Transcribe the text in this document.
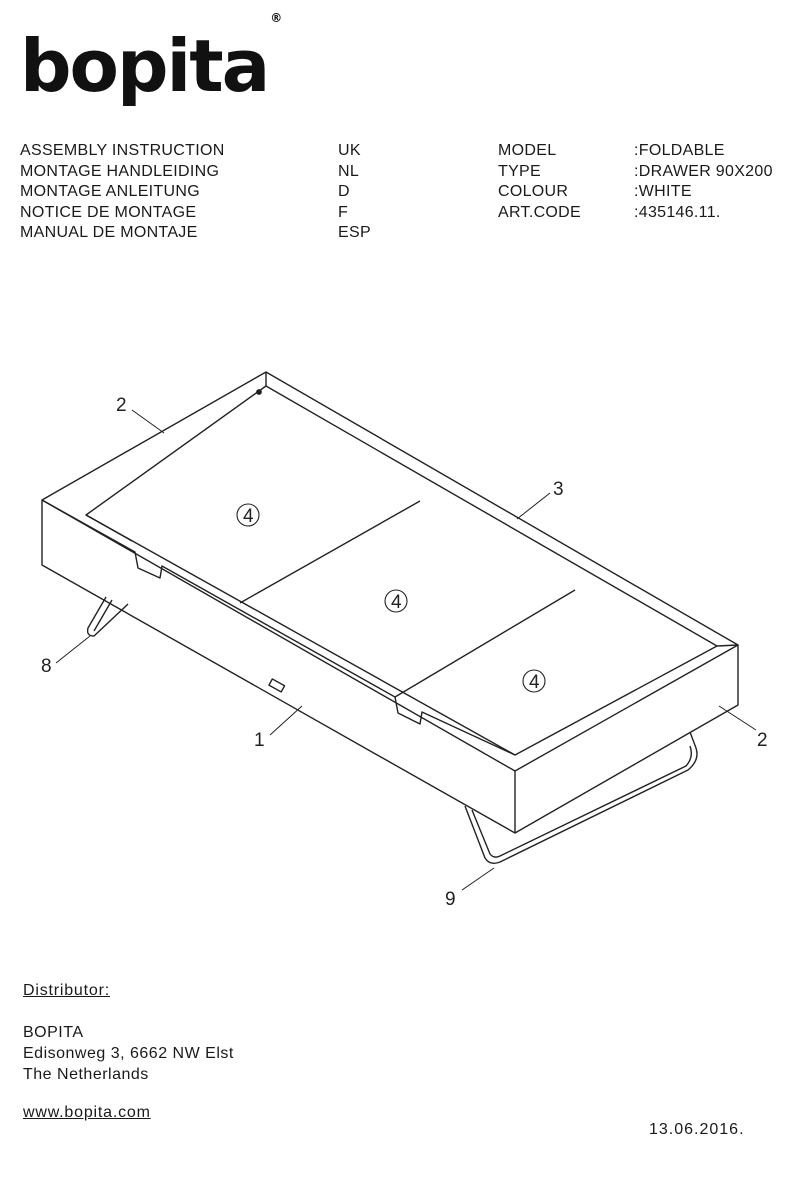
bopita®
ASSEMBLY INSTRUCTION
MONTAGE HANDLEIDING
MONTAGE ANLEITUNG
NOTICE DE MONTAGE
MANUAL DE MONTAJE
UK
NL
D
F
ESP
MODEL
TYPE
COLOUR
ART.CODE
:FOLDABLE
:DRAWER 90X200
:WHITE
:435146.11.
4
4
4
2
3
8
1	2
9
Distributor:
BOPITA
Edisonweg 3, 6662 NW Elst
The Netherlands
www.bopita.com
13.06.2016.
